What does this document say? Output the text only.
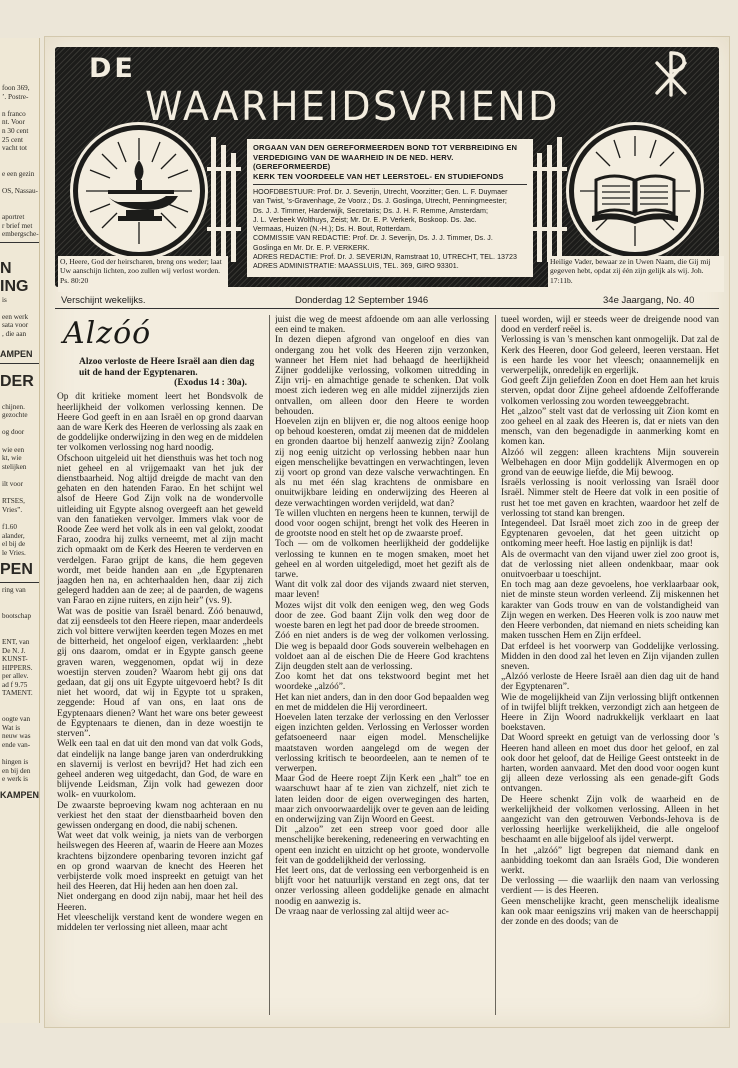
foon 369,
’. Postre-

n franco
nt. Voor
n 30 cent
25 cent
vacht tot

e een gezin

OS, Nassau-

aportret
r brief met
embergsche-
N
ING
is

een werk
sata voor
, die aan
AMPEN
DER
chijnen.
gezochte

og door

wie een
kt, wie
stelijken

ilt voor

RTSES,
Vries”.

f1.60
alander,
el bij de
le Vries.
PEN
ring van

bootschap

ENT, van
De N. J.
KUNST-
HIPPERS.
per allev.
ad f 9.75
TAMENT.

oogte van
Wat is
neuw was
ende van-

hingen is
en bij den
e werk is
KAMPEN
DE
WAARHEIDSVRIEND
ORGAAN VAN DEN GEREFORMEERDEN BOND TOT VERBREIDING EN
VERDEDIGING VAN DE WAARHEID IN DE NED. HERV. (GEREFORMEERDE)
KERK TEN VOORDEELE VAN HET LEERSTOEL- EN STUDIEFONDS
HOOFDBESTUUR: Prof. Dr. J. Severijn, Utrecht, Voorzitter; Gen. L. F. Duymaer
van Twist, 's-Gravenhage, 2e Voorz.; Ds. J. Goslinga, Utrecht, Penningmeester;
Ds. J. J. Timmer, Harderwijk, Secretaris; Ds. J. H. F. Remme, Amsterdam;
J. L. Verbeek Wolthuys, Zeist; Mr. Dr. E. P. Verkerk, Boskoop. Ds. Jac.
Vermaas, Huizen (N.-H.); Ds. H. Bout, Rotterdam.
COMMISSIE VAN REDACTIE: Prof. Dr. J. Severijn, Ds. J. J. Timmer, Ds. J.
Goslinga en Mr. Dr. E. P. VERKERK.
ADRES REDACTIE: Prof. Dr. J. SEVERIJN, Ramstraat 10, UTRECHT, TEL. 13723
ADRES ADMINISTRATIE: MAASSLUIS, TEL. 369, GIRO 93301.
Verschijnt wekelijks.	Donderdag 12 September 1946	34e Jaargang, No. 40
Alzóó
Alzoo verloste de Heere Israël aan dien dag uit de hand der Egyptenaren.
(Exodus 14 : 30a).

Op dit kritieke moment leert het Bondsvolk de heerlijkheid der volkomen verlossing kennen. De Heere God geeft in en aan Israël en op grond daarvan aan de ware Kerk des Heeren de verlossing als zaak en de goddelijke onderwijzing in den weg en de middelen ter volkomen verlossing nog hard noodig.

Ofschoon uitgeleid uit het diensthuis was het toch nog niet geheel en al vrijgemaakt van het juk der dienstbaarheid. Nog altijd dreigde de macht van den gehaten en den hatenden Farao. En het schijnt wel alsof de Heere God Zijn volk na de wondervolle uitleiding uit Egypte alsnog overgeeft aan het geweld van den fanatieken vervolger. Immers vlak voor de Roode Zee werd het volk als in een val gelokt, zoodat Farao, zoodra hij zulks verneemt, met al zijn macht zich opmaakt om de Kerk des Heeren te verderven en verdelgen. Farao grijpt de kans, die hem gegeven wordt, met beide handen aan en „de Egyptenaren jaagden hen na, en achterhaalden hen, daar zij zich gelegerd hadden aan de zee; al de paarden, de wagens van Farao en zijne ruiters, en zijn heir” (vs. 9).

Wat was de positie van Israël benard. Zóó benauwd, dat zij eensdeels tot den Heere riepen, maar anderdeels zich vol bittere verwijten keerden tegen Mozes en met de bitterheid, het ongeloof eigen, verklaarden: „hebt gij ons daarom, omdat er in Egypte gansch geene graven waren, weggenomen, opdat wij in deze woestijn sterven zouden? Waarom hebt gij ons dat gedaan, dat gij ons uit Egypte uitgevoerd hebt? Is dit niet het woord, dat wij in Egypte tot u spraken, zeggende: Houd af van ons, en laat ons de Egyptenaars dienen? Want het ware ons beter geweest de Egyptenaars te dienen, dan in deze woestijn te sterven”.

Welk een taal en dat uit den mond van dat volk Gods, dat eindelijk na lange bange jaren van onderdrukking en slavernij is verlost en bevrijd? Het had zich een geheel anderen weg uitgedacht, dan God, de ware en blijvende Leidsman, Zijn volk had gewezen door wolk- en vuurkolom.

De zwaarste beproeving kwam nog achteraan en nu verkiest het den staat der dienstbaarheid boven den gewissen ondergang en dood, die nabij schenen.

Wat weet dat volk weinig, ja niets van de verborgen heilswegen des Heeren af, waarin de Heere aan Mozes krachtens bijzondere openbaring tevoren inzicht gaf en op grond waarvan de knecht des Heeren het verbijsterde volk moed inspreekt en getuigt van het heil des Heeren, dat Hij heden aan hen doen zal.

Niet ondergang en dood zijn nabij, maar het heil des Heeren.

Het vleeschelijk verstand kent de wondere wegen en middelen ter verlossing niet alleen, maar acht

juist die weg de meest afdoende om aan alle verlossing een eind te maken.

In dezen diepen afgrond van ongeloof en dies van ondergang zou het volk des Heeren zijn verzonken, wanneer het Hem niet had behaagd de heerlijkheid Zijner goddelijke verlossing, volkomen uitredding in Zijn vrij- en almachtige genade te schenken. Dat volk moest zich iederen weg en alle middel zijnerzijds zien ontvallen, om alleen door den Heere te worden behouden.

Hoevelen zijn en blijven er, die nog altoos eenige hoop op behoud koesteren, omdat zij meenen dat de middelen en gronden daartoe bij henzelf aanwezig zijn? Zoolang zij nog eenig uitzicht op verlossing hebben naar hun eigen menschelijke bevattingen en verwachtingen, leven zij voort op grond van deze valsche verwachtingen. En als nu met één slag krachtens de onmisbare en onuitwijkbare leiding en onderwijzing des Heeren al deze verwachtingen worden verijdeld, wat dan?

Te willen vluchten en nergens heen te kunnen, terwijl de dood voor oogen schijnt, brengt het volk des Heeren in de grootste nood en stelt het op de zwaarste proef.

Toch — om de volkomen heerlijkheid der goddelijke verlossing te kunnen en te mogen smaken, moet het geheel en al worden uitgeledigd, moet het gezift als de tarwe.

Want dit volk zal door des vijands zwaard niet sterven, maar leven!

Mozes wijst dit volk den eenigen weg, den weg Gods door de zee. God baant Zijn volk den weg door de woeste baren en legt het pad door de breede stroomen.

Zóó en niet anders is de weg der volkomen verlossing. Die weg is bepaald door Gods souverein welbehagen en voldoet aan al de eischen Die de Heere God krachtens Zijn deugden stelt aan de verlossing.

Zoo komt het dat ons tekstwoord begint met het woordeke „alzóó”.

Het kan niet anders, dan in den door God bepaalden weg en met de middelen die Hij verordineert.

Hoevelen laten terzake der verlossing en den Verlosser eigen inzichten gelden. Verlossing en Verlosser worden gefatsoeneerd naar eigen model. Menschelijke maatstaven worden aangelegd om de wegen der verlossing kritisch te beoordeelen, aan te nemen of te verwerpen.

Maar God de Heere roept Zijn Kerk een „halt” toe en waarschuwt haar af te zien van zichzelf, niet zich te laten leiden door de eigen overwegingen des harten, maar zich onvoorwaardelijk over te geven aan de leiding en onderwijzing van Zijn Woord en Geest.

Dit „alzoo” zet een streep voor goed door alle menschelijke berekening, redeneering en verwachting en opent een inzicht en uitzicht op het groote, wondervolle feit van de goddelijkheid der verlossing.

Het leert ons, dat de verlossing een verborgenheid is en blijft voor het natuurlijk verstand en zegt ons, dat ter onzer verlossing alleen goddelijke genade en almacht noodig en aanwezig is.

De vraag naar de verlossing zal altijd weer ac-

tueel worden, wijl er steeds weer de dreigende nood van dood en verderf reëel is.

Verlossing is van 's menschen kant onmogelijk. Dat zal de Kerk des Heeren, door God geleerd, leeren verstaan. Het is een harde les voor het vleesch; onaannemelijk en verwerpelijk, onredelijk en ergerlijk.

God geeft Zijn geliefden Zoon en doet Hem aan het kruis sterven, opdat door Zijne geheel afdoende Zelfofferande volkomen verlossing zou worden teweeggebracht.

Het „alzoo” stelt vast dat de verlossing uit Zion komt en zoo geheel en al zaak des Heeren is, dat er niets van den mensch, van den begenadigde in aanmerking komt en komen kan.

Alzóó wil zeggen: alleen krachtens Mijn souverein Welbehagen en door Mijn goddelijk Alvermogen en op grond van de eeuwige liefde, die Mij bewoog.

Israëls verlossing is nooit verlossing van Israël door Israël. Nimmer stelt de Heere dat volk in een positie of rust het toe met gaven en krachten, waardoor het zelf de verlossing tot stand kan brengen.

Integendeel. Dat Israël moet zich zoo in de greep der Egyptenaren gevoelen, dat het geen uitzicht op ontkoming meer heeft. Hoe lastig en pijnlijk is dat!

Als de overmacht van den vijand uwer ziel zoo groot is, dat de verlossing niet alleen ondenkbaar, maar ook onuitvoerbaar u toeschijnt.

En toch mag aan deze gevoelens, hoe verklaarbaar ook, niet de minste steun worden verleend. Zij miskennen het karakter van Gods trouw en van de volstandigheid van Zijn wegen en werken. Des Heeren volk is zoo nauw met den Heere verbonden, dat niemand en niets scheiding kan maken tusschen Hem en Zijn erfdeel.

Dat erfdeel is het voorwerp van Goddelijke verlossing. Midden in den dood zal het leven en Zijn vijanden zullen sneven.

„Alzóó verloste de Heere Israël aan dien dag uit de hand der Egyptenaren”.

Wie de mogelijkheid van Zijn verlossing blijft ontkennen of in twijfel blijft trekken, verzondigt zich aan hetgeen de Heere in Zijn Woord nadrukkelijk verklaart en laat boekstaven.

Dat Woord spreekt en getuigt van de verlossing door 's Heeren hand alleen en moet dus door het geloof, en zal ook door het geloof, dat de Heilige Geest ontsteekt in de harten, worden aanvaard. Met den dood voor oogen kunt gij alleen deze verlossing als een genade-gift Gods ontvangen.

De Heere schenkt Zijn volk de waarheid en de werkelijkheid der volkomen verlossing. Alleen in het aangezicht van den getrouwen Verbonds-Jehova is de verlossing heerlijke werkelijkheid, die alle ongeloof beschaamt en alle bijgeloof als ijdel verwerpt.

In het „alzóó” ligt begrepen dat niemand dank en aanbidding toekomt dan aan Israëls God, Die wonderen werkt.

De verlossing — die waarlijk den naam van verlossing verdient — is des Heeren.

Geen menschelijke kracht, geen menschelijk idealisme kan ook maar eenigszins vrij maken van de heerschappij der zonde en des doods; van de

O, Heere, God der heirscharen, breng ons weder; laat Uw aanschijn lichten, zoo zullen wij verlost worden. Ps. 80:20
Heilige Vader, bewaar ze in Uwen Naam, die Gij mij gegeven hebt, opdat zij één zijn gelijk als wij. Joh. 17:11b.
